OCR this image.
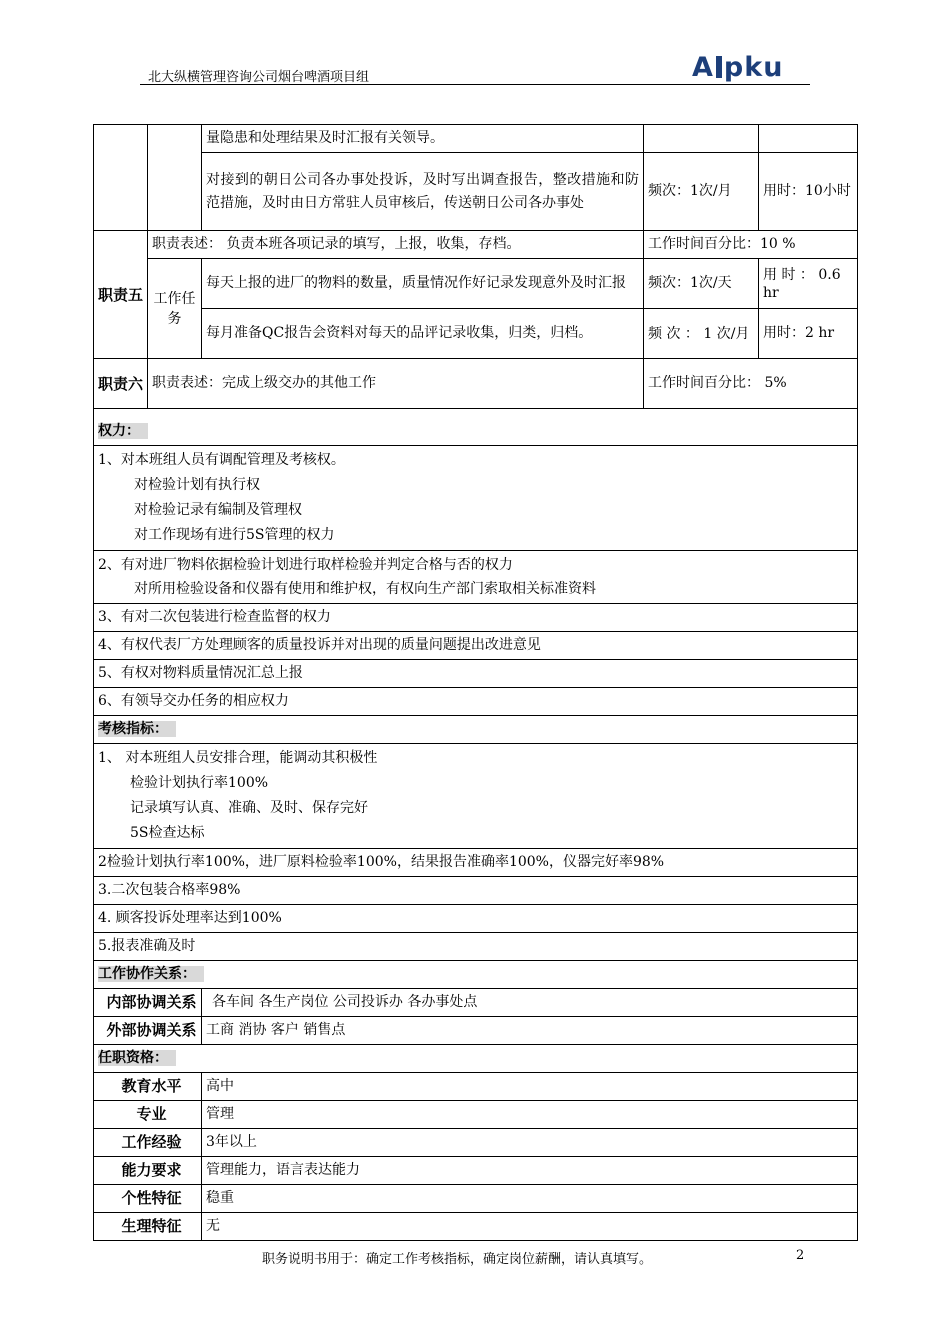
北大纵横管理咨询公司烟台啤酒项目组	A pku
		量隐患和处理结果及时汇报有关领导。		
		对接到的朝日公司各办事处投诉，及时写出调查报告，整改措施和防范措施，及时由日方常驻人员审核后，传送朝日公司各办事处	频次：1次/月	用时：10小时
职责五	职责表述： 负责本班各项记录的填写，上报，收集，存档。		工作时间百分比：10 %	
	工作任务	每天上报的进厂的物料的数量，质量情况作好记录发现意外及时汇报	频次：1次/天	用 时 ： 0.6 hr
		每月准备QC报告会资料对每天的品评记录收集，归类，归档。	频 次 ： 1 次/月	用时：2 hr
职责六	职责表述：完成上级交办的其他工作		工作时间百分比： 5%	
权力：				

1、对本班组人员有调配管理及考核权。
对检验计划有执行权
对检验记录有编制及管理权
对工作现场有进行5S管理的权力				

2、有对进厂物料依据检验计划进行取样检验并判定合格与否的权力
对所用检验设备和仪器有使用和维护权，有权向生产部门索取相关标准资料				

3、有对二次包装进行检查监督的权力				
4、有权代表厂方处理顾客的质量投诉并对出现的质量问题提出改进意见				
5、有权对物料质量情况汇总上报				
6、有领导交办任务的相应权力				
考核指标：				

1、 对本班组人员安排合理，能调动其积极性
检验计划执行率100%
记录填写认真、准确、及时、保存完好
5S检查达标				

2检验计划执行率100%，进厂原料检验率100%，结果报告准确率100%，仪器完好率98%				
3.二次包装合格率98%				
4. 顾客投诉处理率达到100%				
5.报表准确及时				
工作协作关系：				
内部协调关系		各车间 各生产岗位 公司投诉办 各办事处点		
外部协调关系		工商 消协 客户 销售点		
任职资格：				
教育水平		高中		
专业		管理		
工作经验		3年以上		
能力要求		管理能力，语言表达能力		
个性特征		稳重		
生理特征		无		
职务说明书用于：确定工作考核指标，确定岗位薪酬，请认真填写。	2
